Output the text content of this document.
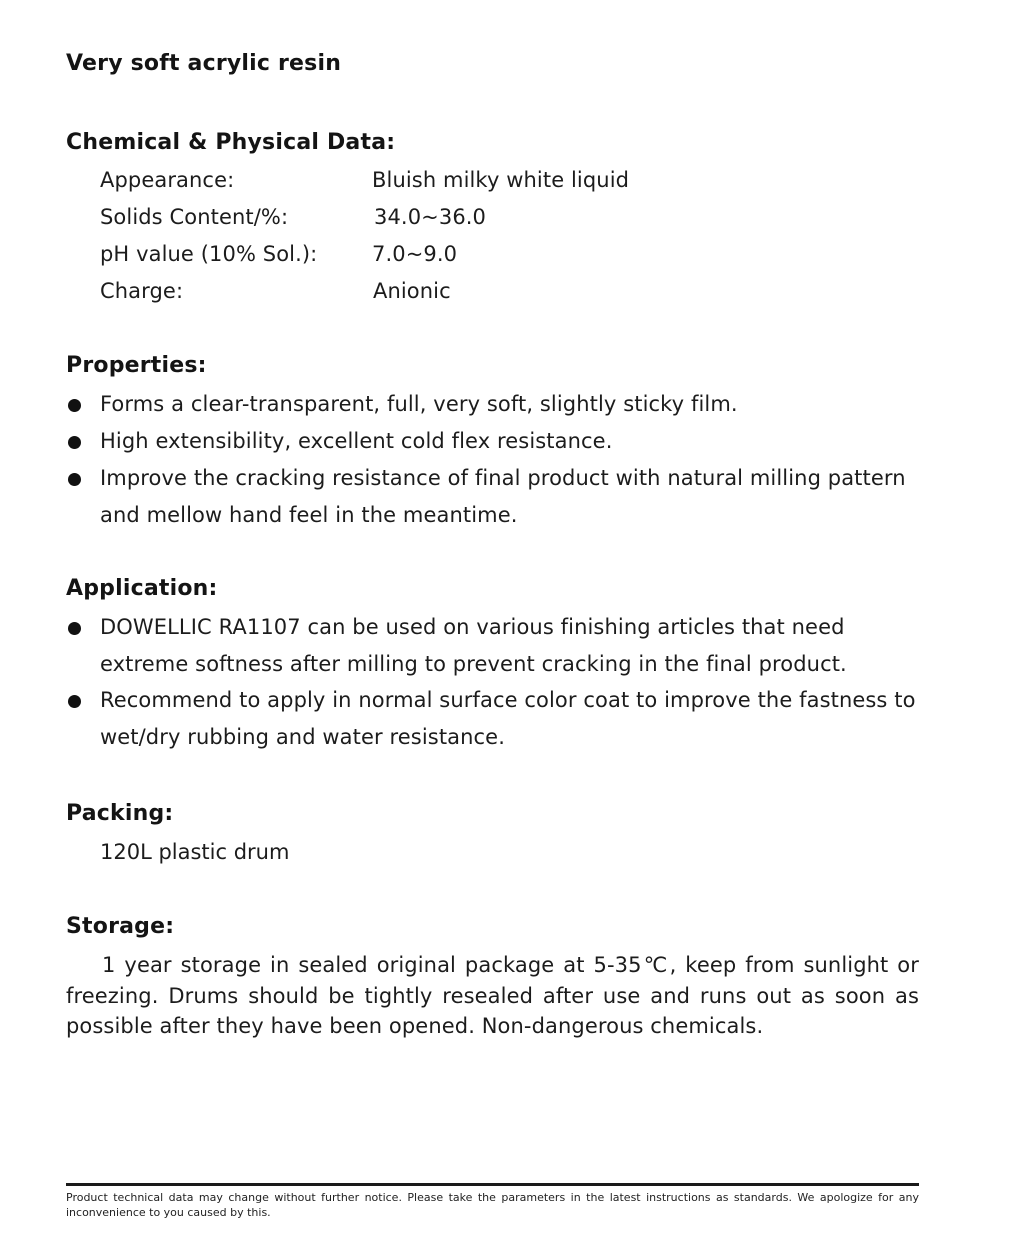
Very soft acrylic resin
Chemical & Physical Data:
Appearance:	Bluish milky white liquid
Solids Content/%:	34.0~36.0
pH value (10% Sol.):	7.0~9.0
Charge:	Anionic
Properties:
Forms a clear-transparent, full, very soft, slightly sticky film.
High extensibility, excellent cold flex resistance.
Improve the cracking resistance of final product with natural milling pattern and mellow hand feel in the meantime.
Application:
DOWELLIC RA1107 can be used on various finishing articles that need extreme softness after milling to prevent cracking in the final product.
Recommend to apply in normal surface color coat to improve the fastness to wet/dry rubbing and water resistance.
Packing:
120L plastic drum
Storage:
1 year storage in sealed original package at 5-35℃, keep from sunlight or freezing. Drums should be tightly resealed after use and runs out as soon as possible after they have been opened. Non-dangerous chemicals.
Product technical data may change without further notice. Please take the parameters in the latest instructions as standards. We apologize for any inconvenience to you caused by this.
